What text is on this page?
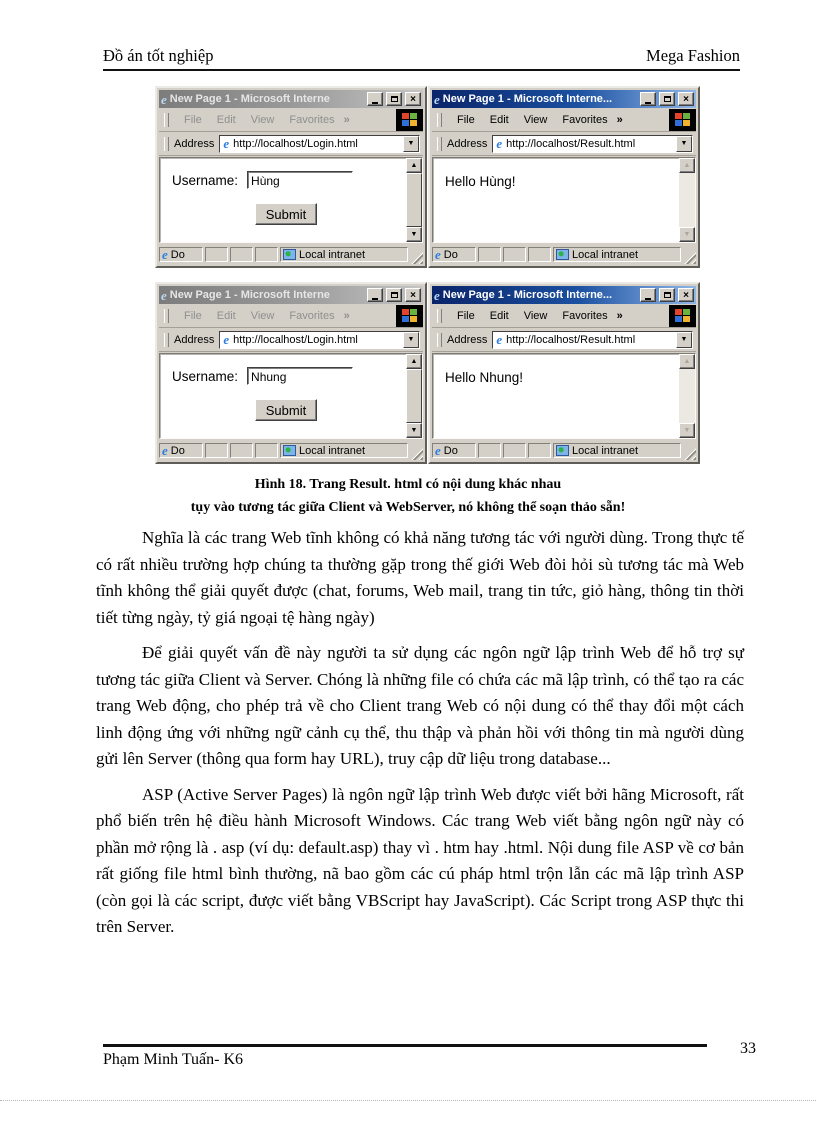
Đồ án tốt nghiệp	Mega Fashion
e New Page 1 - Microsoft Interne	×
File Edit View Favorites »
Address e http://localhost/Login.html	▼
Username:	Hùng
Submit
▲
▼
e Do	Local intranet
e New Page 1 - Microsoft Interne...	×
File Edit View Favorites »
Address e http://localhost/Result.html	▼
Hello Hùng!
▲
▼
e Do	Local intranet
e New Page 1 - Microsoft Interne	×
File Edit View Favorites »
Address e http://localhost/Login.html	▼
Username:	Nhung
Submit
▲
▼
e Do	Local intranet
e New Page 1 - Microsoft Interne...	×
File Edit View Favorites »
Address e http://localhost/Result.html	▼
Hello Nhung!
▲
▼
e Do	Local intranet
Hình 18. Trang Result. html có nội dung khác nhau
tụy vào tương tác giữa Client và WebServer, nó không thể soạn thảo sẵn!

Nghĩa là các trang Web tĩnh không có khả năng tương tác với người dùng. Trong thực tế có rất nhiều trường hợp chúng ta thường gặp trong thế giới Web đòi hỏi sù tương tác mà Web tĩnh không thể giải quyết được (chat, forums, Web mail, trang tin tức, giỏ hàng, thông tin thời tiết từng ngày, tỷ giá ngoại tệ hàng ngày)

Để giải quyết vấn đề này người ta sử dụng các ngôn ngữ lập trình Web để hỗ trợ sự tương tác giữa Client và Server. Chóng là những file có chứa các mã lập trình, có thể tạo ra các trang Web động, cho phép trả về cho Client trang Web có nội dung có thể thay đổi một cách linh động ứng với những ngữ cảnh cụ thể, thu thập và phản hồi với thông tin mà người dùng gửi lên Server (thông qua form hay URL), truy cập dữ liệu trong database...

ASP (Active Server Pages) là ngôn ngữ lập trình Web được viết bởi hãng Microsoft, rất phổ biến trên hệ điều hành Microsoft Windows. Các trang Web viết bằng ngôn ngữ này có phần mở rộng là . asp (ví dụ: default.asp) thay vì . htm hay .html. Nội dung file ASP về cơ bản rất giống file html bình thường, nã bao gồm các cú pháp html trộn lẫn các mã lập trình ASP (còn gọi là các script, được viết bằng VBScript hay JavaScript). Các Script trong ASP thực thi trên Server.

33
Phạm Minh Tuấn- K6
